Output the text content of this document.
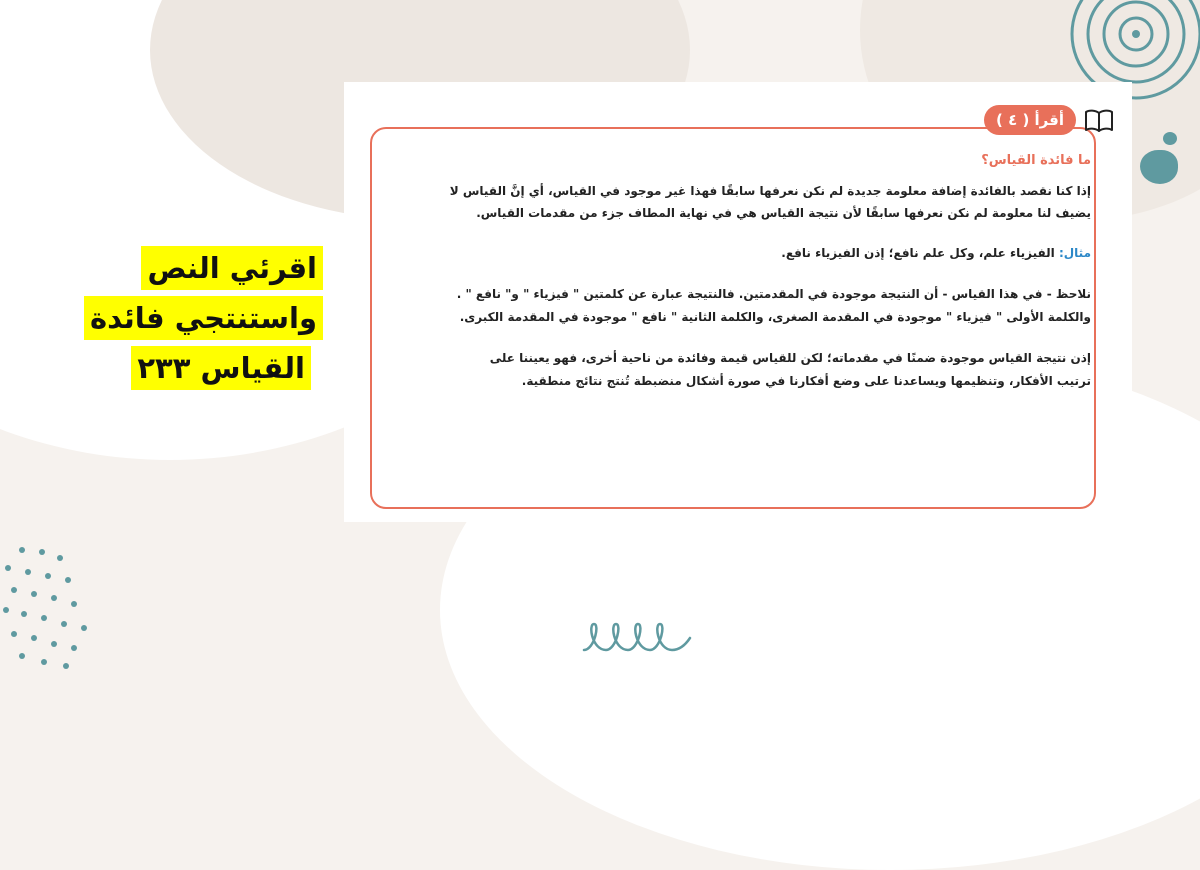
اقرئي النص
واستنتجي فائدة
القياس ٢٣٣
أقرأ ( ٤ )

ما فائدة القياس؟

إذا كنا نقصد بالفائدة إضافة معلومة جديدة لم نكن نعرفها سابقًا فهذا غير موجود في القياس، أي إنَّ القياس لا
يضيف لنا معلومة لم نكن نعرفها سابقًا لأن نتيجة القياس هي في نهاية المطاف جزء من مقدمات القياس.

مثال: الفيزياء علم، وكل علم نافع؛ إذن الفيزياء نافع.

نلاحظ - في هذا القياس - أن النتيجة موجودة في المقدمتين. فالنتيجة عبارة عن كلمتين " فيزياء " و" نافع " .
والكلمة الأولى " فيزياء " موجودة في المقدمة الصغرى، والكلمة الثانية " نافع " موجودة في المقدمة الكبرى.

إذن نتيجة القياس موجودة ضمنًا في مقدماته؛ لكن للقياس قيمة وفائدة من ناحية أخرى، فهو يعيننا على
ترتيب الأفكار، وتنظيمها ويساعدنا على وضع أفكارنا في صورة أشكال منضبطة تُنتج نتائج منطقية.
